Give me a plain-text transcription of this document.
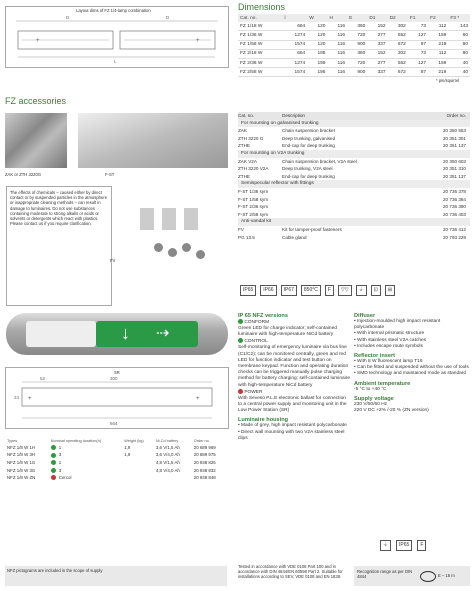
Layout dims of FZ 1/4-lamp combination
D	D
L
+	+
Dimensions
Cat. no.	l	W	H	E	D1	D2	F1	F2	F3 *
FZ 1/18 W	664	120	116	360	152	302	73	112	143
FZ 1/36 W	1274	120	116	720	277	552	127	159	60
FZ 1/58 W	1574	120	116	900	337	672	87	219	60
FZ 2/18 W	664	195	116	360	152	302	73	112	80
FZ 2/36 W	1274	195	116	720	277	552	127	159	40
FZ 2/58 W	1574	195	116	900	337	672	87	219	40
* pin/squirrel
FZ accessories
ZAK or ZTH 3220G	F-ST
The effects of chemicals – caused either by direct contact or by suspended particles in the atmosphere or inappropriate cleaning methods – can result in damage to luminaires. Do not use substances containing moderate to strong alkalis or acids or solvents or detergents which react with plastics. Please contact us if you require clarification.
FV
Cat. no.	Description	Order no.
For mounting on galvanised trunking
ZAK	Chain suspension bracket	20 350 553
ZTH 3220 G	Deep trunking, galvanised	20 351 301
ZTHE	End-cap for deep trunking	20 351 137
For mounting on V2A trunking
ZAK V2A	Chain suspension bracket, V2A steel	20 350 603
ZTH 3220 V2A	Deep trunking, V2A steel	20 351 310
ZTHE	End-cap for deep trunking	20 351 137
Semispecular reflector with fittings
F-ST 1/36 sym	20 736 378
F-ST 1/58 sym	20 736 384
F-ST 2/36 sym	20 736 390
F-ST 2/58 sym	20 736 403
Anti-vandal kit
FV	Kit for tamper-proof fasteners	20 736 412
PG 13.5	Cable gland	20 793 229
IP65 IP66 IP67 850°C F ▽▽ ⏚ ⊡ ⊞
↓ ⇢
SR
52	300
24
664
+	+
Types	Nominal operating duration(h)	Weight (kg)	Ni-Cd battery	Order no.
NFZ 1/8 W 1H	1	1,9	3,6 V/1,5 Ah	20 689 969
NFZ 1/8 W 3H	3	1,9	3,6 V/4,0 Ah	20 689 975
NFZ 1/8 W 1G	1		4,8 V/1,5 Ah	20 938 826
NFZ 1/8 W 3G	3		4,8 V/4,0 Ah	20 938 832
NFZ 1/8 W ZN	Cercol			20 938 848
NFZ pictograms are included in the scope of supply
IP 65 NFZ versions
CONFORM
Green LED for charge indicator; self-contained luminaire with high-temperature NiCd battery
CONTROL
Self-monitoring of emergency luminaire via bus line (C1/C2); can be monitored centrally, green and red LED for function indicator and test button on membrane keypad. Function and operating duration checks can be triggered manually pulse charging method for battery charging; self-contained luminaire with high-temperature NiCd battery
POWER
With Seveso P.L.E electronic ballast for connection to a central power supply and monitoring unit in the Low Power Station (SR)
Luminaire housing
• Made of grey, high impact resistant polycarbonate
• Direct wall mounting with two V2A stainless steel clips
Tested in accordance with VDE 0108 Part 100 and in accordance with DIN 4844/EN 60598 Part 2. Suitable for installations according to SEV, VDE 0108 and EN 1838.
Diffuser
• Injection-moulded high impact resistant polycarbonate
• With internal prismatic structure
• With stainless steel V2A catches
• Includes escape route symbols
Reflector insert
• With 8 W fluorescent lamp T16
• Can be fitted and suspended without the use of tools
• SMD technology and maintained mode as standard
Ambient temperature
-5 °C to +40 °C
Supply voltage
230 V/50/60 Hz
220 V DC +2% /-20 % (ZN version)
⏚ IP65 F
Recognition range as per DIN 4844	E – 16 m
